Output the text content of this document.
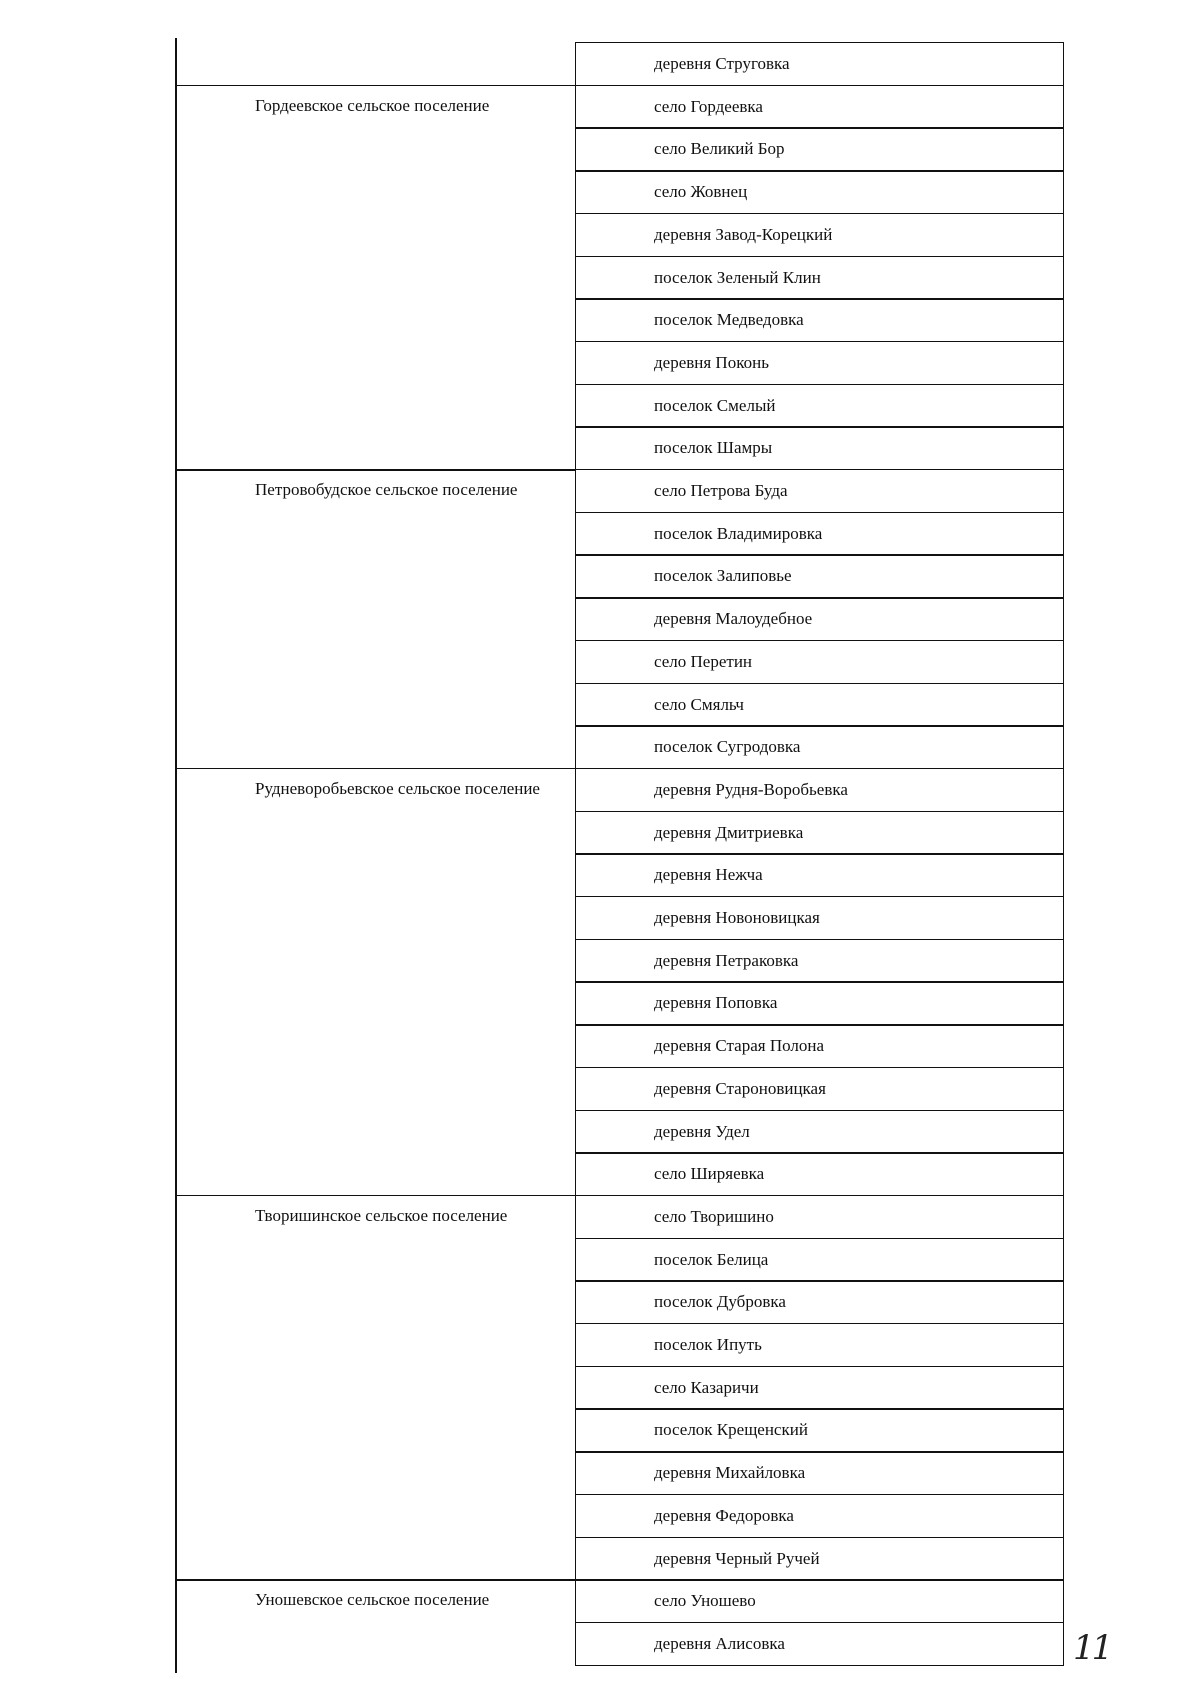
деревня Струговка
село Гордеевка
село Великий Бор
село Жовнец
деревня Завод-Корецкий
поселок Зеленый Клин
поселок Медведовка
деревня Поконь
поселок Смелый
поселок Шамры
Гордеевское сельское поселение
село Петрова Буда
поселок Владимировка
поселок Залиповье
деревня Малоудебное
село Перетин
село Смяльч
поселок Сугродовка
Петровобудское сельское поселение
деревня Рудня-Воробьевка
деревня Дмитриевка
деревня Нежча
деревня Новоновицкая
деревня Петраковка
деревня Поповка
деревня Старая Полона
деревня Староновицкая
деревня Удел
село Ширяевка
Рудневоробьевское сельское поселение
село Творишино
поселок Белица
поселок Дубровка
поселок Ипуть
село Казаричи
поселок Крещенский
деревня Михайловка
деревня Федоровка
деревня Черный Ручей
Творишинское сельское поселение
село Уношево
деревня Алисовка
Уношевское сельское поселение
11
